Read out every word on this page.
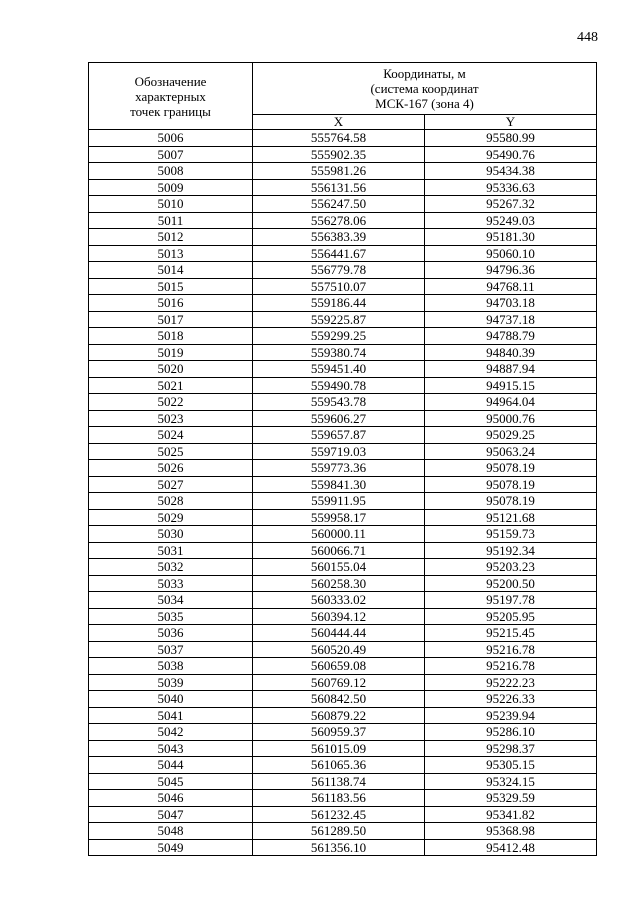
448
Обозначение
характерных
точек границы	Координаты, м
(система координат
МСК-167 (зона 4)	

	X	Y
5006	555764.58	95580.99
5007	555902.35	95490.76
5008	555981.26	95434.38
5009	556131.56	95336.63
5010	556247.50	95267.32
5011	556278.06	95249.03
5012	556383.39	95181.30
5013	556441.67	95060.10
5014	556779.78	94796.36
5015	557510.07	94768.11
5016	559186.44	94703.18
5017	559225.87	94737.18
5018	559299.25	94788.79
5019	559380.74	94840.39
5020	559451.40	94887.94
5021	559490.78	94915.15
5022	559543.78	94964.04
5023	559606.27	95000.76
5024	559657.87	95029.25
5025	559719.03	95063.24
5026	559773.36	95078.19
5027	559841.30	95078.19
5028	559911.95	95078.19
5029	559958.17	95121.68
5030	560000.11	95159.73
5031	560066.71	95192.34
5032	560155.04	95203.23
5033	560258.30	95200.50
5034	560333.02	95197.78
5035	560394.12	95205.95
5036	560444.44	95215.45
5037	560520.49	95216.78
5038	560659.08	95216.78
5039	560769.12	95222.23
5040	560842.50	95226.33
5041	560879.22	95239.94
5042	560959.37	95286.10
5043	561015.09	95298.37
5044	561065.36	95305.15
5045	561138.74	95324.15
5046	561183.56	95329.59
5047	561232.45	95341.82
5048	561289.50	95368.98
5049	561356.10	95412.48
